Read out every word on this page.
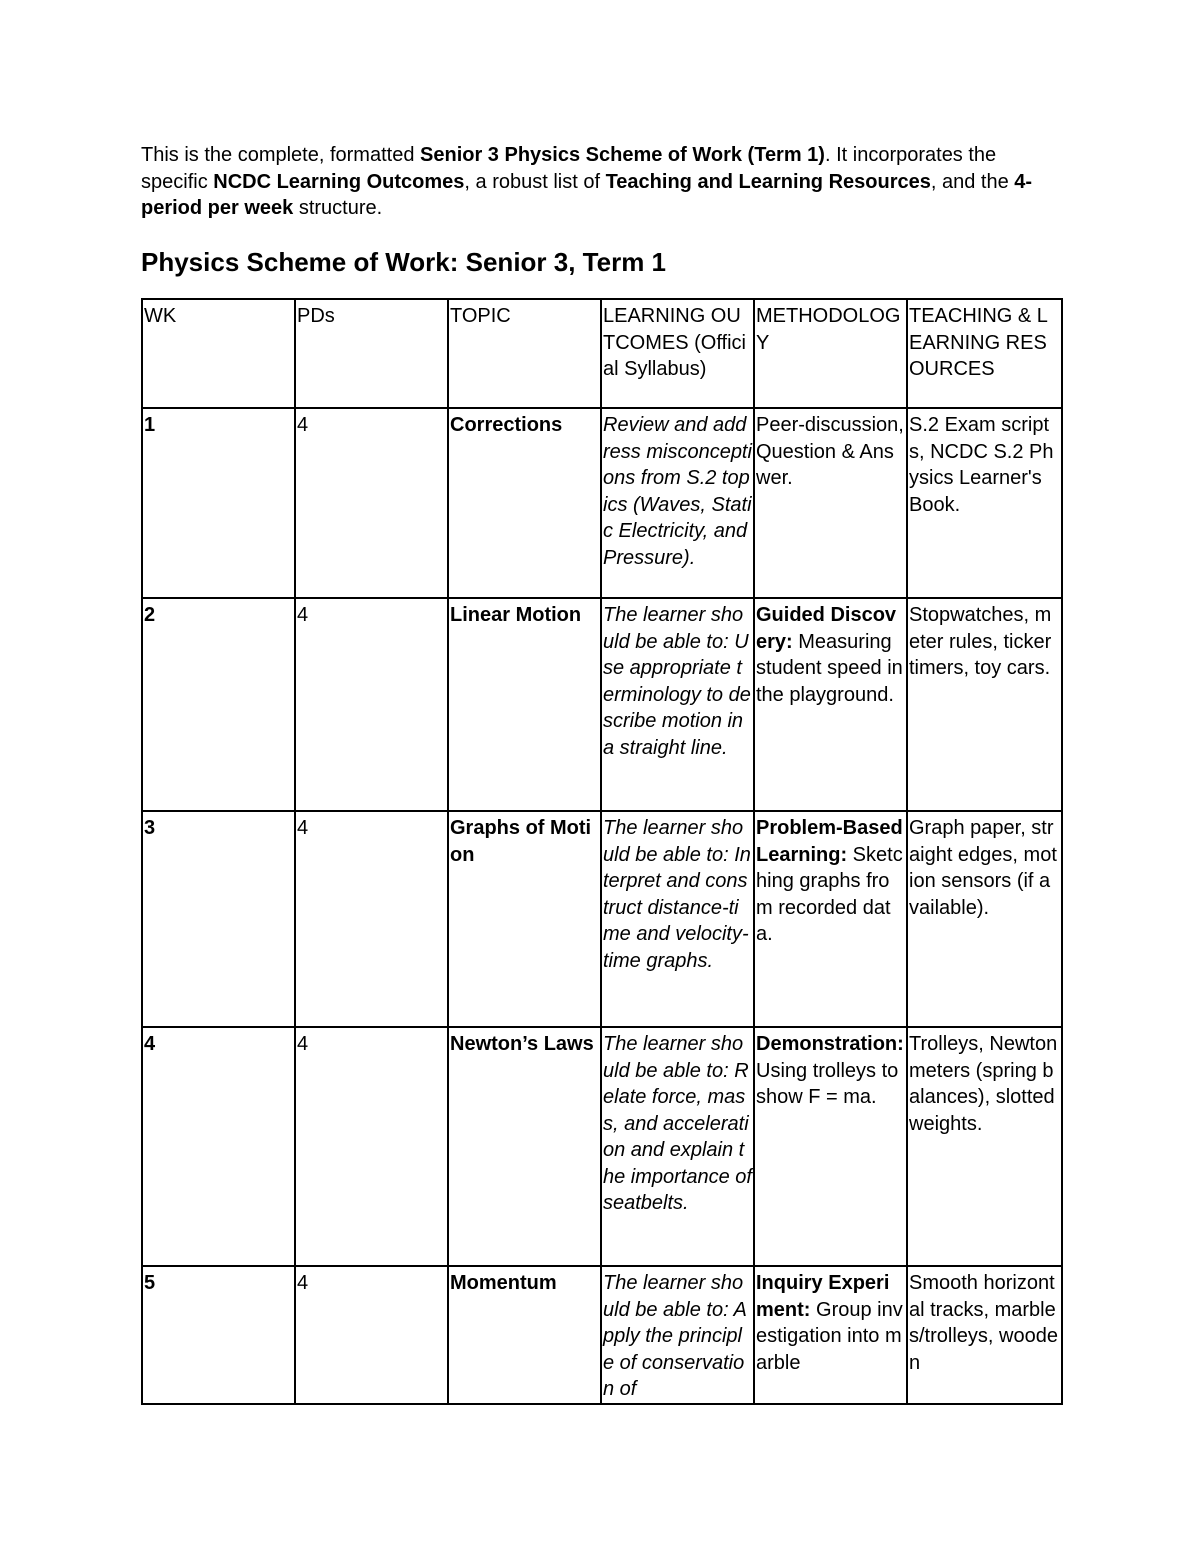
This is the complete, formatted Senior 3 Physics Scheme of Work (Term 1). It incorporates the specific NCDC Learning Outcomes, a robust list of Teaching and Learning Resources, and the 4-period per week structure.

Physics Scheme of Work: Senior 3, Term 1
WK	PDs	TOPIC	LEARNING OUTCOMES (Official Syllabus)	METHODOLOGY	TEACHING & LEARNING RESOURCES
1	4	Corrections	Review and address misconceptions from S.2 topics (Waves, Static Electricity, and Pressure).	Peer-discussion, Question & Answer.	S.2 Exam scripts, NCDC S.2 Physics Learner's Book.
2	4	Linear Motion	The learner should be able to: Use appropriate terminology to describe motion in a straight line.	Guided Discovery: Measuring student speed in the playground.	Stopwatches, meter rules, ticker timers, toy cars.
3	4	Graphs of Motion	The learner should be able to: Interpret and construct distance-time and velocity-time graphs.	Problem-Based Learning: Sketching graphs from recorded data.	Graph paper, straight edges, motion sensors (if available).
4	4	Newton’s Laws	The learner should be able to: Relate force, mass, and acceleration and explain the importance of seatbelts.	Demonstration: Using trolleys to show F = ma.	Trolleys, Newton meters (spring balances), slotted weights.
5	4	Momentum	The learner should be able to: Apply the principle of conservation of	Inquiry Experiment: Group investigation into marble	Smooth horizontal tracks, marbles/trolleys, wooden
